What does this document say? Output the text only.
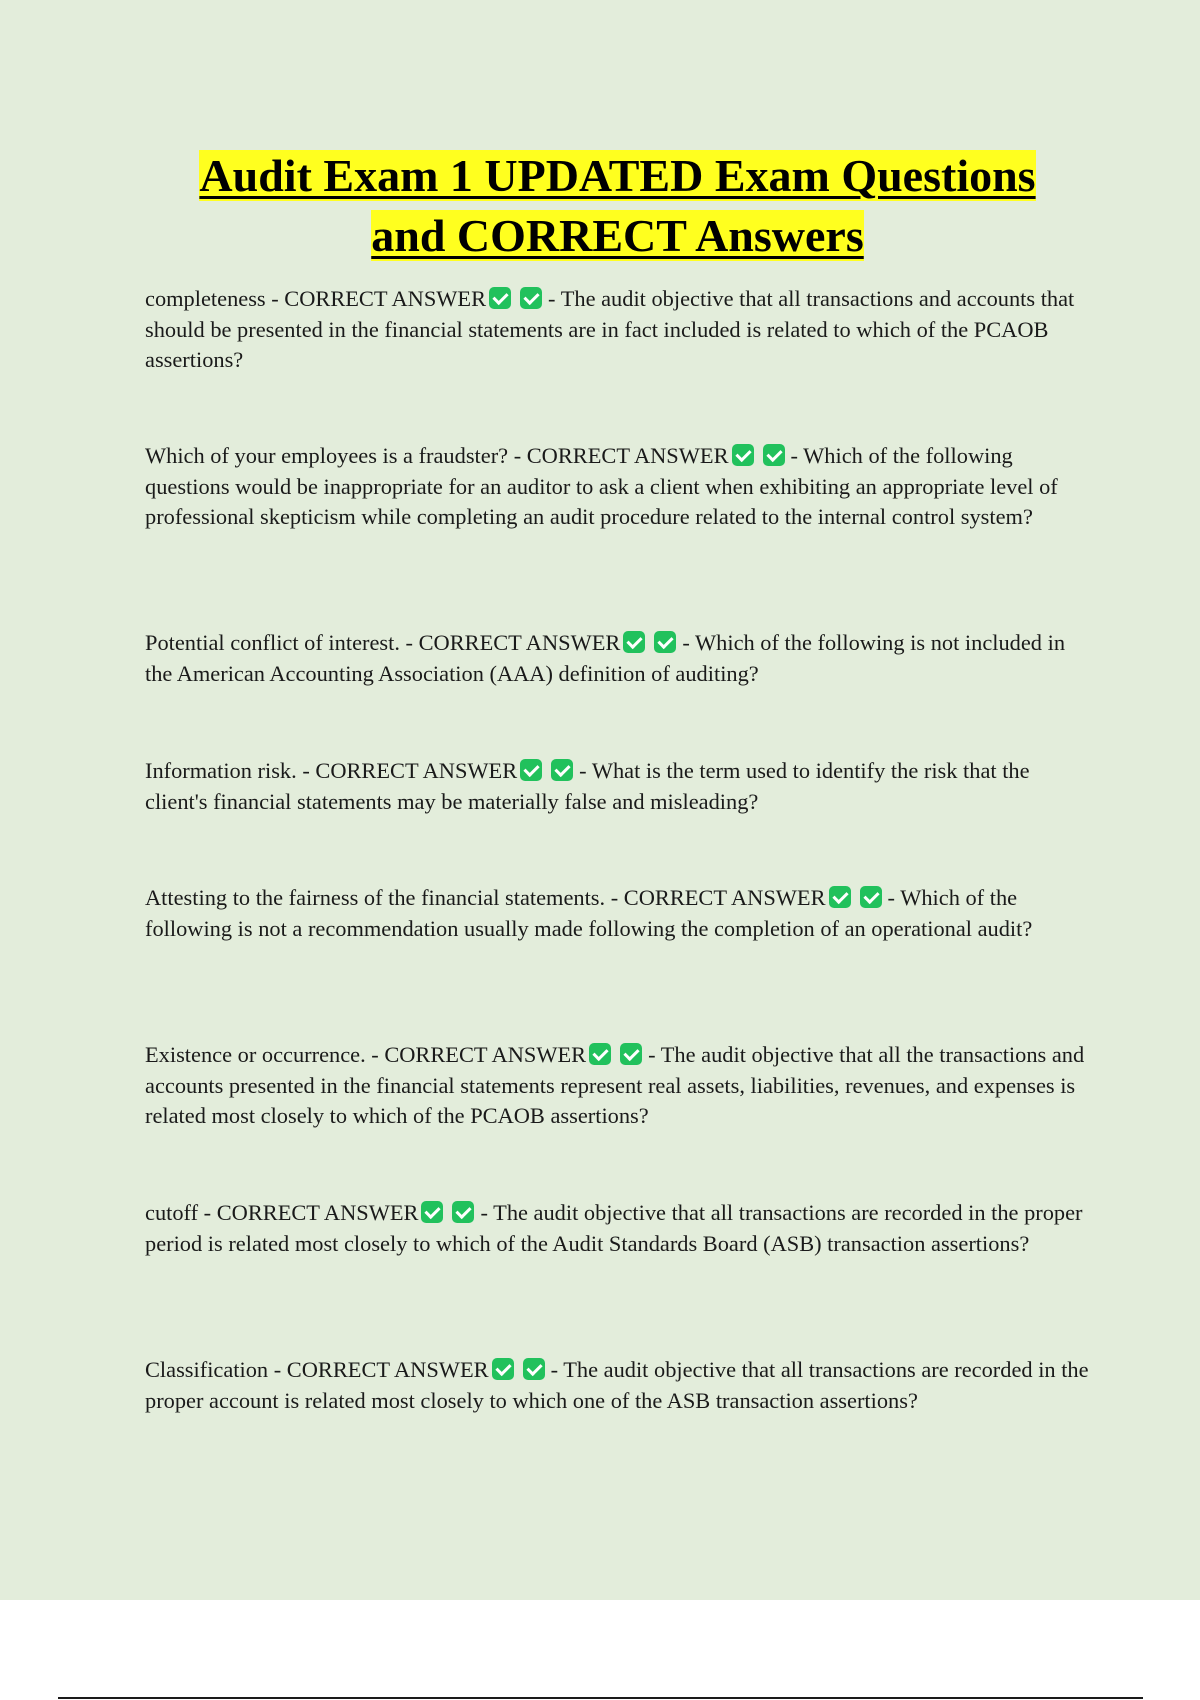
Audit Exam 1 UPDATED Exam Questions
and CORRECT Answers
completeness - CORRECT ANSWER	- The audit objective that all transactions and accounts that should be presented in the financial statements are in fact included is related to which of the PCAOB assertions?
Which of your employees is a fraudster? - CORRECT ANSWER	- Which of the following questions would be inappropriate for an auditor to ask a client when exhibiting an appropriate level of professional skepticism while completing an audit procedure related to the internal control system?
Potential conflict of interest. - CORRECT ANSWER	- Which of the following is not included in the American Accounting Association (AAA) definition of auditing?
Information risk. - CORRECT ANSWER	- What is the term used to identify the risk that the client's financial statements may be materially false and misleading?
Attesting to the fairness of the financial statements. - CORRECT ANSWER	- Which of the following is not a recommendation usually made following the completion of an operational audit?
Existence or occurrence. - CORRECT ANSWER	- The audit objective that all the transactions and accounts presented in the financial statements represent real assets, liabilities, revenues, and expenses is related most closely to which of the PCAOB assertions?
cutoff - CORRECT ANSWER	- The audit objective that all transactions are recorded in the proper period is related most closely to which of the Audit Standards Board (ASB) transaction assertions?
Classification - CORRECT ANSWER	- The audit objective that all transactions are recorded in the proper account is related most closely to which one of the ASB transaction assertions?
